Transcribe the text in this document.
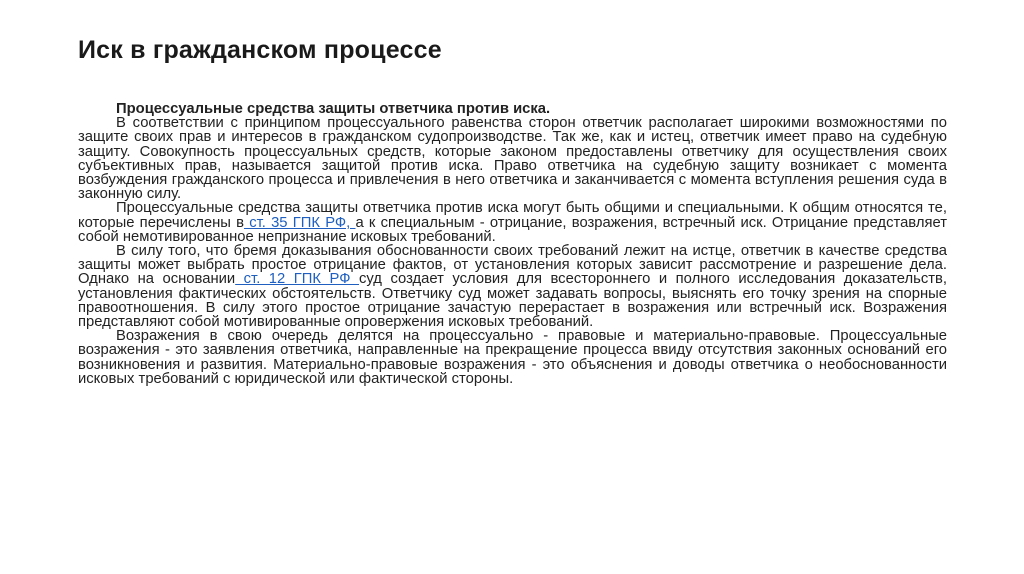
Иск в гражданском процессе
Процессуальные средства защиты ответчика против иска.

В соответствии с принципом процессуального равенства сторон ответчик располагает широкими возможностями по защите своих прав и интересов в гражданском судопроизводстве. Так же, как и истец, ответчик имеет право на судебную защиту. Совокупность процессуальных средств, которые законом предоставлены ответчику для осуществления своих субъективных прав, называется защитой против иска. Право ответчика на судебную защиту возникает с момента возбуждения гражданского процесса и привлечения в него ответчика и заканчивается с момента вступления решения суда в законную силу.

Процессуальные средства защиты ответчика против иска могут быть общими и специальными. К общим относятся те, которые перечислены в ст. 35 ГПК РФ, а к специальным - отрицание, возражения, встречный иск. Отрицание представляет собой немотивированное непризнание исковых требований.

В силу того, что бремя доказывания обоснованности своих требований лежит на истце, ответчик в качестве средства защиты может выбрать простое отрицание фактов, от установления которых зависит рассмотрение и разрешение дела. Однако на основании ст. 12 ГПК РФ суд создает условия для всестороннего и полного исследования доказательств, установления фактических обстоятельств. Ответчику суд может задавать вопросы, выяснять его точку зрения на спорные правоотношения. В силу этого простое отрицание зачастую перерастает в возражения или встречный иск. Возражения представляют собой мотивированные опровержения исковых требований.

Возражения в свою очередь делятся на процессуально - правовые и материально-правовые. Процессуальные возражения - это заявления ответчика, направленные на прекращение процесса ввиду отсутствия законных оснований его возникновения и развития. Материально-правовые возражения - это объяснения и доводы ответчика о необоснованности исковых требований с юридической или фактической стороны.
